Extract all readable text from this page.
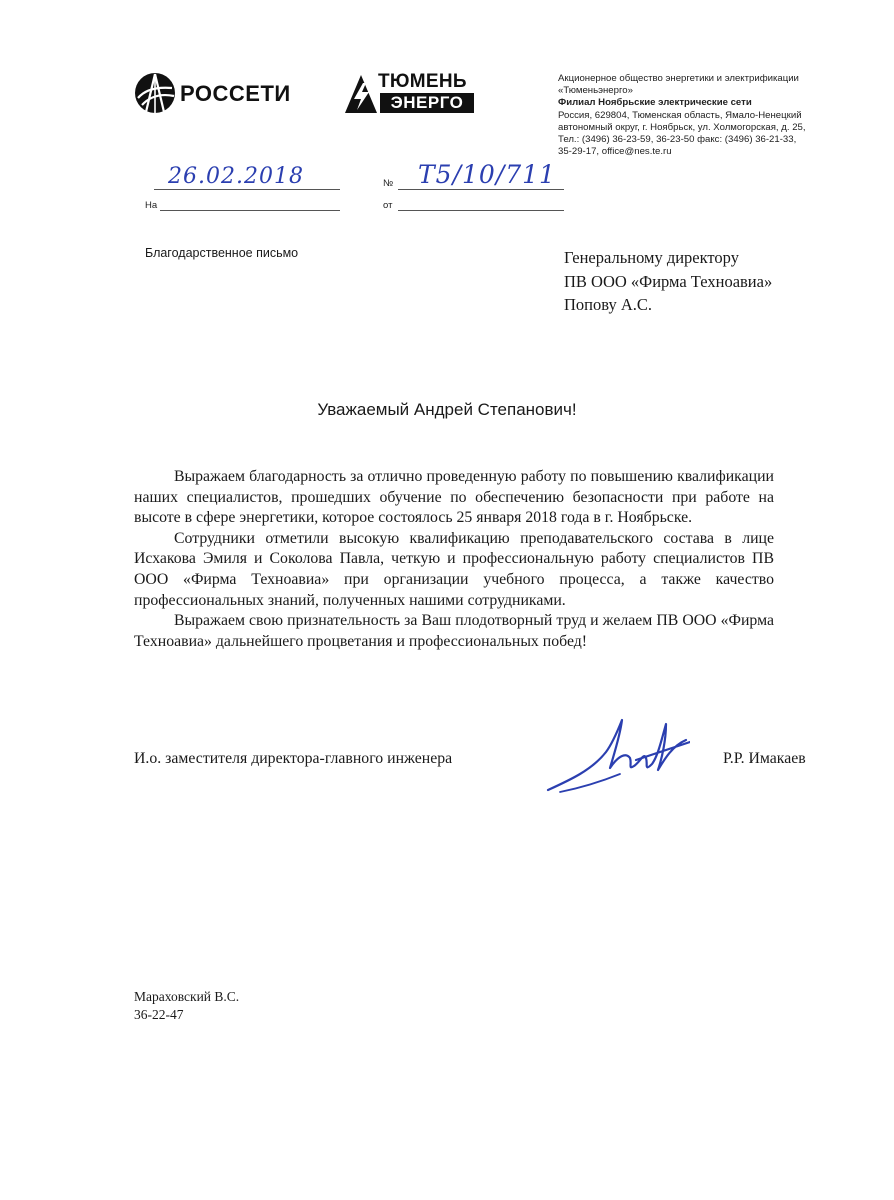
РОССЕТИ	ТЮМЕНЬ
ЭНЕРГО
Акционерное общество энергетики и электрификации
«Тюменьэнерго»
Филиал Ноябрьские электрические сети
Россия, 629804, Тюменская область, Ямало-Ненецкий
автономный округ, г. Ноябрьск, ул. Холмогорская, д. 25,
Тел.: (3496) 36-23-59, 36-23-50 факс: (3496) 36-21-33,
35-29-17, office@nes.te.ru
26.02.2018	№ Т5/10/711
На	от
Благодарственное письмо	Генеральному директору
ПВ ООО «Фирма Техноавиа»
Попову А.С.
Уважаемый Андрей Степанович!

Выражаем благодарность за отлично проведенную работу по повышению квалификации наших специалистов, прошедших обучение по обеспечению безопасности при работе на высоте в сфере энергетики, которое состоялось 25 января 2018 года в г. Ноябрьске.

Сотрудники отметили высокую квалификацию преподавательского состава в лице Исхакова Эмиля и Соколова Павла, четкую и профессиональную работу специалистов ПВ ООО «Фирма Техноавиа» при организации учебного процесса, а также качество профессиональных знаний, полученных нашими сотрудниками.

Выражаем свою признательность за Ваш плодотворный труд и желаем ПВ ООО «Фирма Техноавиа» дальнейшего процветания и профессиональных побед!

И.о. заместителя директора-главного инженера	Р.Р. Имакаев
Мараховский В.С.
36-22-47
